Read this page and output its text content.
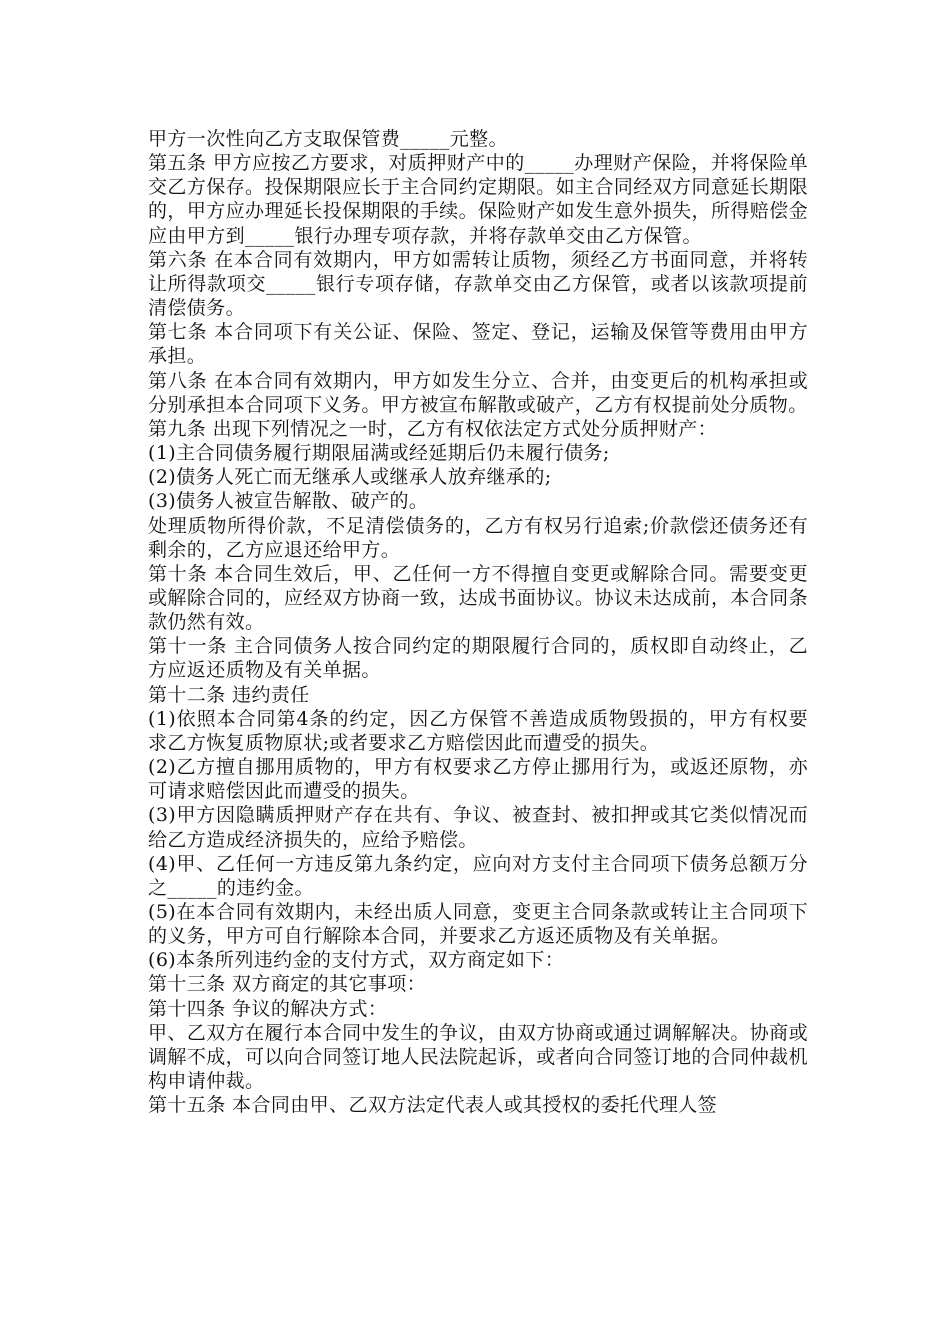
甲方一次性向乙方支取保管费_____元整。

第五条 甲方应按乙方要求，对质押财产中的_____办理财产保险，并将保险单交乙方保存。投保期限应长于主合同约定期限。如主合同经双方同意延长期限的，甲方应办理延长投保期限的手续。保险财产如发生意外损失，所得赔偿金应由甲方到_____银行办理专项存款，并将存款单交由乙方保管。

第六条 在本合同有效期内，甲方如需转让质物，须经乙方书面同意，并将转让所得款项交_____银行专项存储，存款单交由乙方保管，或者以该款项提前清偿债务。

第七条 本合同项下有关公证、保险、签定、登记，运输及保管等费用由甲方承担。

第八条 在本合同有效期内，甲方如发生分立、合并，由变更后的机构承担或分别承担本合同项下义务。甲方被宣布解散或破产，乙方有权提前处分质物。

第九条 出现下列情况之一时，乙方有权依法定方式处分质押财产：

(1)主合同债务履行期限届满或经延期后仍未履行债务;

(2)债务人死亡而无继承人或继承人放弃继承的;

(3)债务人被宣告解散、破产的。

处理质物所得价款，不足清偿债务的，乙方有权另行追索;价款偿还债务还有剩余的，乙方应退还给甲方。

第十条 本合同生效后，甲、乙任何一方不得擅自变更或解除合同。需要变更或解除合同的，应经双方协商一致，达成书面协议。协议未达成前，本合同条款仍然有效。

第十一条 主合同债务人按合同约定的期限履行合同的，质权即自动终止，乙方应返还质物及有关单据。

第十二条 违约责任

(1)依照本合同第4条的约定，因乙方保管不善造成质物毁损的，甲方有权要求乙方恢复质物原状;或者要求乙方赔偿因此而遭受的损失。

(2)乙方擅自挪用质物的，甲方有权要求乙方停止挪用行为，或返还原物，亦可请求赔偿因此而遭受的损失。

(3)甲方因隐瞒质押财产存在共有、争议、被查封、被扣押或其它类似情况而给乙方造成经济损失的，应给予赔偿。

(4)甲、乙任何一方违反第九条约定，应向对方支付主合同项下债务总额万分之_____的违约金。

(5)在本合同有效期内，未经出质人同意，变更主合同条款或转让主合同项下的义务，甲方可自行解除本合同，并要求乙方返还质物及有关单据。

(6)本条所列违约金的支付方式，双方商定如下：

第十三条 双方商定的其它事项：

第十四条 争议的解决方式：

甲、乙双方在履行本合同中发生的争议，由双方协商或通过调解解决。协商或调解不成，可以向合同签订地人民法院起诉，或者向合同签订地的合同仲裁机构申请仲裁。

第十五条 本合同由甲、乙双方法定代表人或其授权的委托代理人签
